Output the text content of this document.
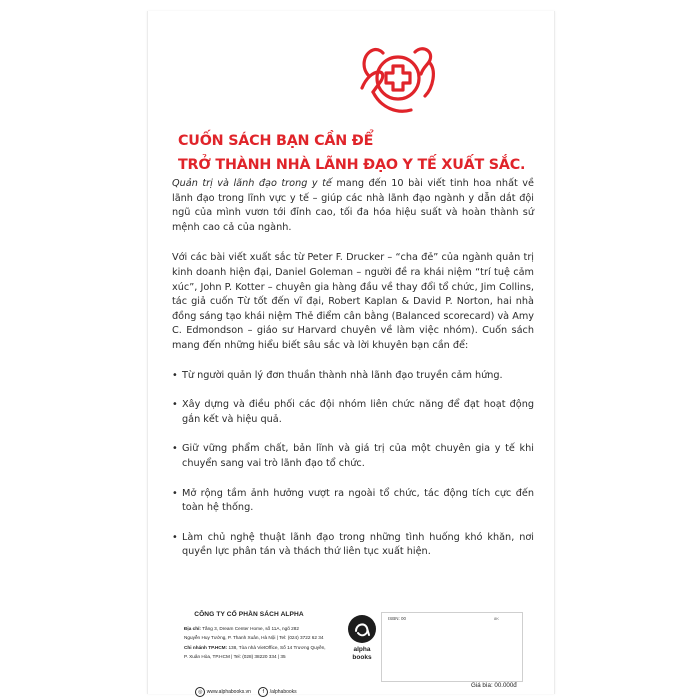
CUỐN SÁCH BẠN CẦN ĐỂ
TRỞ THÀNH NHÀ LÃNH ĐẠO Y TẾ XUẤT SẮC.

Quản trị và lãnh đạo trong y tế mang đến 10 bài viết tinh hoa nhất về lãnh đạo trong lĩnh vực y tế – giúp các nhà lãnh đạo ngành y dẫn dắt đội ngũ của mình vươn tới đỉnh cao, tối đa hóa hiệu suất và hoàn thành sứ mệnh cao cả của ngành.

Với các bài viết xuất sắc từ Peter F. Drucker – “cha đẻ” của ngành quản trị kinh doanh hiện đại, Daniel Goleman – người đề ra khái niệm “trí tuệ cảm xúc”, John P. Kotter – chuyên gia hàng đầu về thay đổi tổ chức, Jim Collins, tác giả cuốn Từ tốt đến vĩ đại, Robert Kaplan & David P. Norton, hai nhà đồng sáng tạo khái niệm Thẻ điểm cân bằng (Balanced scorecard) và Amy C. Edmondson – giáo sư Harvard chuyên về làm việc nhóm). Cuốn sách mang đến những hiểu biết sâu sắc và lời khuyên bạn cần để:

• Từ người quản lý đơn thuần thành nhà lãnh đạo truyền cảm hứng.
• Xây dựng và điều phối các đội nhóm liên chức năng để đạt hoạt động gắn kết và hiệu quả.
• Giữ vững phẩm chất, bản lĩnh và giá trị của một chuyên gia y tế khi chuyển sang vai trò lãnh đạo tổ chức.
• Mở rộng tầm ảnh hưởng vượt ra ngoài tổ chức, tác động tích cực đến toàn hệ thống.
• Làm chủ nghệ thuật lãnh đạo trong những tình huống khó khăn, nơi quyền lực phân tán và thách thứ liên tục xuất hiện.
CÔNG TY CỔ PHẦN SÁCH ALPHA
Địa chỉ: Tầng 3, Dream Center Home, số 11A, ngõ 282
Nguyễn Huy Tưởng, P. Thanh Xuân, Hà Nội | Tel: (024) 3722 62 34
Chi nhánh TP.HCM: 138, Tòa nhà VietOffice, Số 14 Trương Quyền,
P. Xuân Hòa, TP.HCM | Tel: (028) 38220 334 | 35
◎ www.alphabooks.vn f /alphabooks
alpha
books
ISBN: 00	8K
Giá bìa: 00.000đ
